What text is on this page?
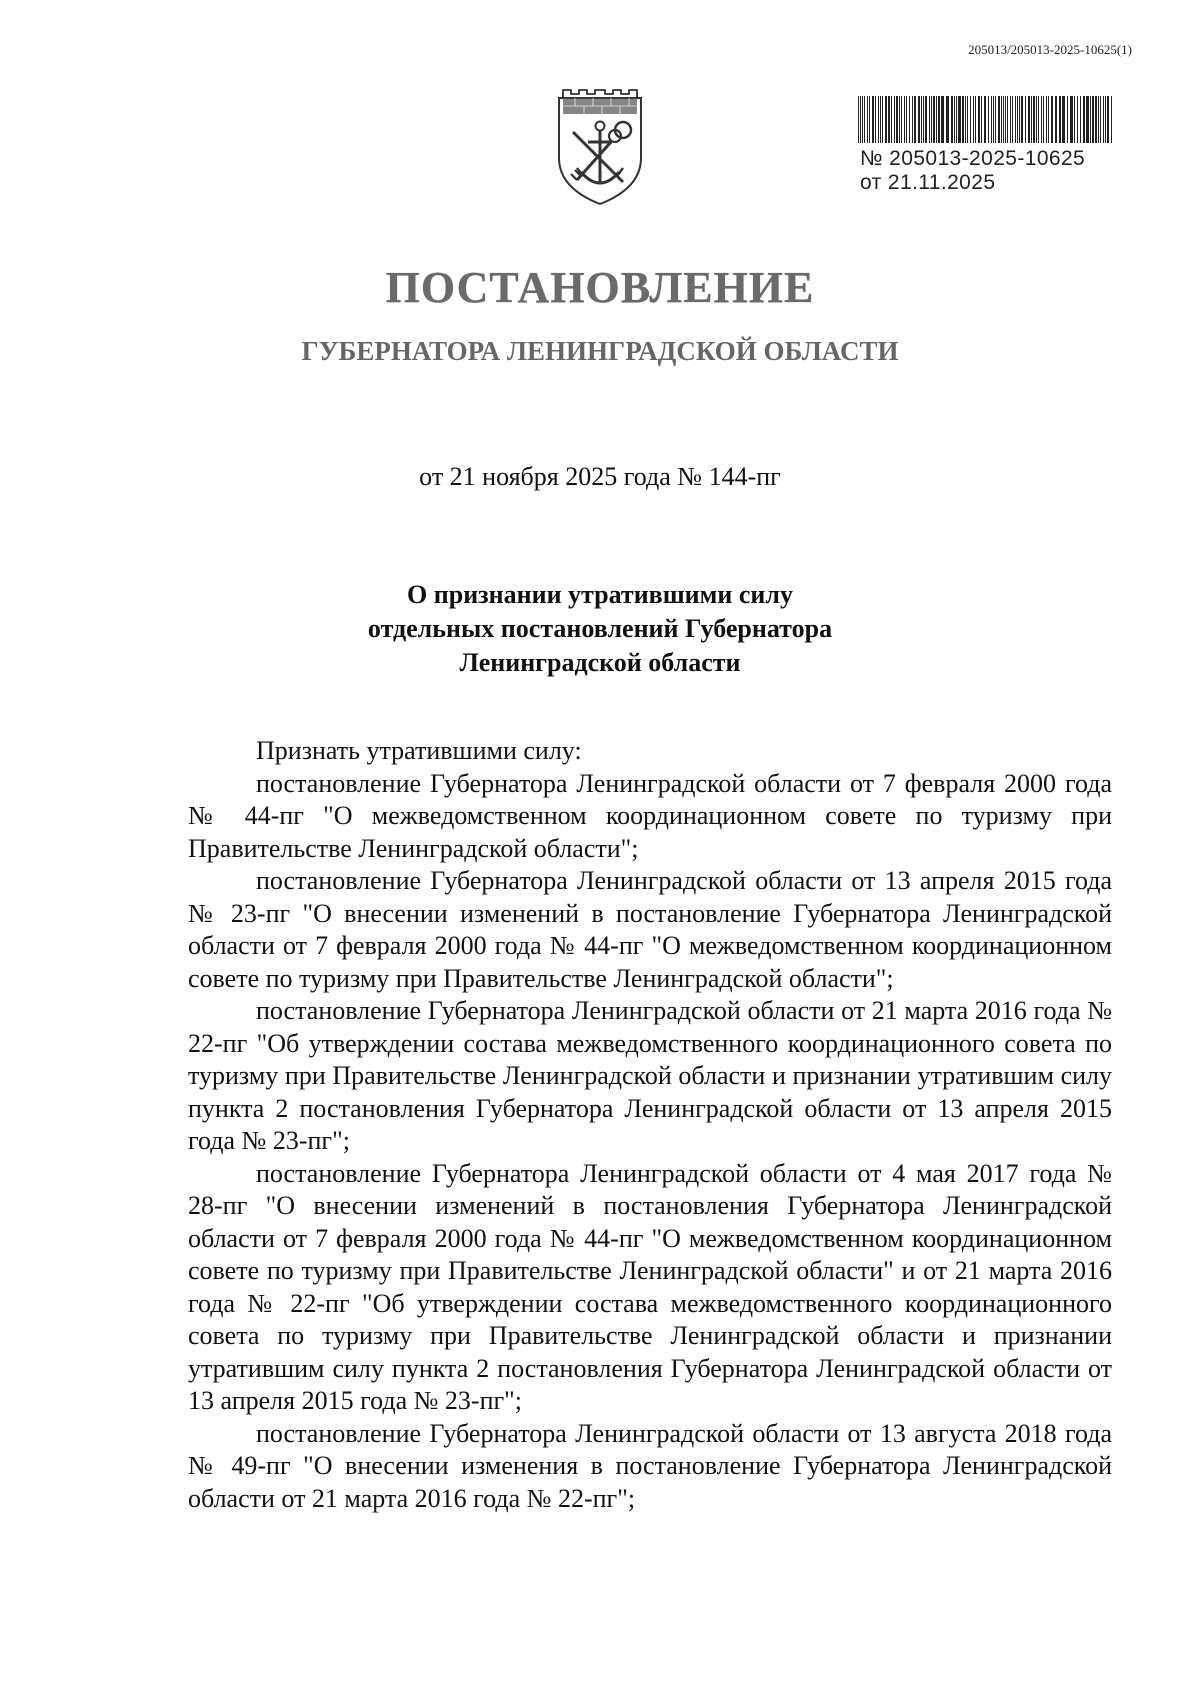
205013/205013-2025-10625(1)
№ 205013-2025-10625
от 21.11.2025
ПОСТАНОВЛЕНИЕ
ГУБЕРНАТОРА ЛЕНИНГРАДСКОЙ ОБЛАСТИ
от 21 ноября 2025 года № 144-пг
О признании утратившими силу
отдельных постановлений Губернатора
Ленинградской области

Признать утратившими силу:

постановление Губернатора Ленинградской области от 7 февраля 2000 года № 44-пг "О межведомственном координационном совете по туризму при Правительстве Ленинградской области";

постановление Губернатора Ленинградской области от 13 апреля 2015 года № 23-пг "О внесении изменений в постановление Губернатора Ленинградской области от 7 февраля 2000 года № 44-пг "О межведомственном координационном совете по туризму при Правительстве Ленинградской области";

постановление Губернатора Ленинградской области от 21 марта 2016 года № 22-пг "Об утверждении состава межведомственного координационного совета по туризму при Правительстве Ленинградской области и признании утратившим силу пункта 2 постановления Губернатора Ленинградской области от 13 апреля 2015 года № 23-пг";

постановление Губернатора Ленинградской области от 4 мая 2017 года № 28-пг "О внесении изменений в постановления Губернатора Ленинградской области от 7 февраля 2000 года № 44-пг "О межведомственном координационном совете по туризму при Правительстве Ленинградской области" и от 21 марта 2016 года № 22-пг "Об утверждении состава межведомственного координационного совета по туризму при Правительстве Ленинградской области и признании утратившим силу пункта 2 постановления Губернатора Ленинградской области от 13 апреля 2015 года № 23-пг";

постановление Губернатора Ленинградской области от 13 августа 2018 года № 49-пг "О внесении изменения в постановление Губернатора Ленинградской области от 21 марта 2016 года № 22-пг";
